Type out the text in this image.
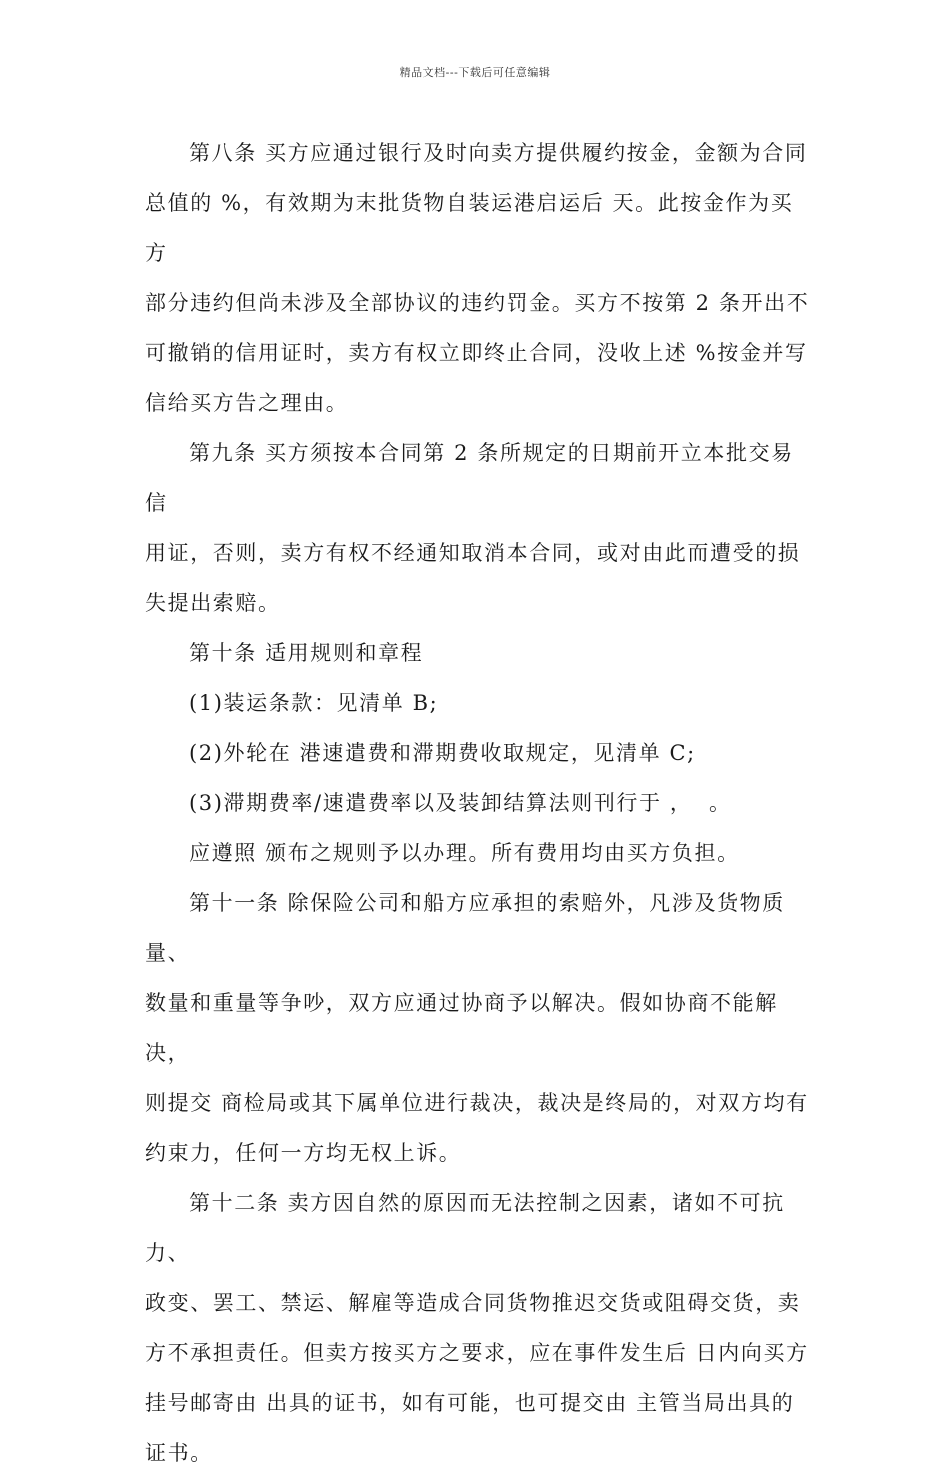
精品文档---下载后可任意编辑

第八条 买方应通过银行及时向卖方提供履约按金，金额为合同

总值的 %，有效期为末批货物自装运港启运后 天。此按金作为买方

部分违约但尚未涉及全部协议的违约罚金。买方不按第 2 条开出不

可撤销的信用证时，卖方有权立即终止合同，没收上述 %按金并写

信给买方告之理由。

第九条 买方须按本合同第 2 条所规定的日期前开立本批交易信

用证，否则，卖方有权不经通知取消本合同，或对由此而遭受的损

失提出索赔。

第十条 适用规则和章程

(1)装运条款：见清单 B;

(2)外轮在 港速遣费和滞期费收取规定，见清单 C;

(3)滞期费率/速遣费率以及装卸结算法则刊行于 ，  。

应遵照 颁布之规则予以办理。所有费用均由买方负担。

第十一条 除保险公司和船方应承担的索赔外，凡涉及货物质量、

数量和重量等争吵，双方应通过协商予以解决。假如协商不能解决，

则提交 商检局或其下属单位进行裁决，裁决是终局的，对双方均有

约束力，任何一方均无权上诉。

第十二条 卖方因自然的原因而无法控制之因素，诸如不可抗力、

政变、罢工、禁运、解雇等造成合同货物推迟交货或阻碍交货，卖

方不承担责任。但卖方按买方之要求，应在事件发生后 日内向买方

挂号邮寄由 出具的证书，如有可能，也可提交由 主管当局出具的

证书。
